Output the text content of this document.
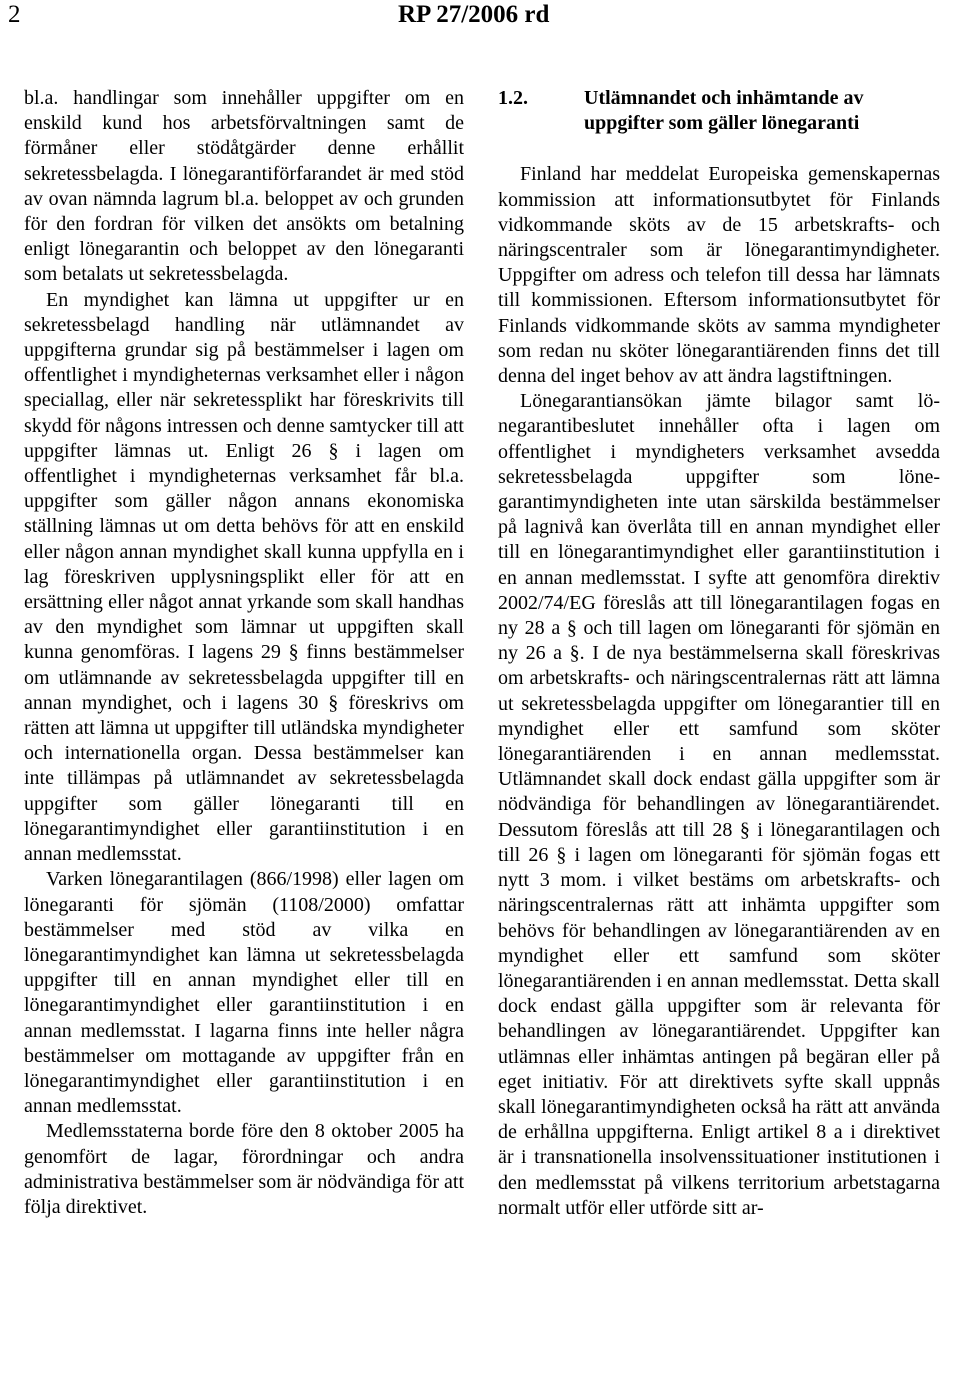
2	RP 27/2006 rd

bl.a. handlingar som innehåller uppgifter om en enskild kund hos arbetsförvaltningen samt de förmåner eller stödåtgärder denne erhållit sekretessbelagda. I lönegarantiförfarandet är med stöd av ovan nämnda lagrum bl.a. beloppet av och grunden för den fordran för vilken det ansökts om betalning enligt lönegarantin och beloppet av den lönegaranti som betalats ut sekretessbelagda.

En myndighet kan lämna ut uppgifter ur en sekretessbelagd handling när utlämnandet av uppgifterna grundar sig på bestämmelser i lagen om offentlighet i myndigheternas verksamhet eller i någon speciallag, eller när sekretessplikt har föreskrivits till skydd för någons intressen och denne samtycker till att uppgifter lämnas ut. Enligt 26 § i lagen om offentlighet i myndigheternas verksamhet får bl.a. uppgifter som gäller någon annans ekonomiska ställning lämnas ut om detta behövs för att en enskild eller någon annan myndighet skall kunna uppfylla en i lag föreskriven upplysningsplikt eller för att en ersättning eller något annat yrkande som skall handhas av den myndighet som lämnar ut uppgiften skall kunna genomföras. I lagens 29 § finns bestämmelser om utlämnande av sekretessbelagda uppgifter till en annan myndighet, och i lagens 30 § föreskrivs om rätten att lämna ut uppgifter till utländska myndigheter och internationella organ. Dessa bestämmelser kan inte tillämpas på utlämnandet av sekretessbelagda uppgifter som gäller lönegaranti till en lönegarantimyndighet eller garantiinstitution i en annan medlemsstat.

Varken lönegarantilagen (866/1998) eller lagen om lönegaranti för sjömän (1108/2000) omfattar bestämmelser med stöd av vilka en lönegarantimyndighet kan lämna ut sekretessbelagda uppgifter till en annan myndighet eller till en lönegarantimyndighet eller garantiinstitution i en annan medlemsstat. I lagarna finns inte heller några bestämmelser om mottagande av uppgifter från en lönegarantimyndighet eller garantiinstitution i en annan medlemsstat.

Medlemsstaterna borde före den 8 oktober 2005 ha genomfört de lagar, förordningar och andra administrativa bestämmelser som är nödvändiga för att följa direktivet.

1.2.	Utlämnandet och inhämtande av uppgifter som gäller lönegaranti

Finland har meddelat Europeiska gemenskapernas kommission att informationsutbytet för Finlands vidkommande sköts av de 15 arbetskrafts- och näringscentraler som är lönegarantimyndigheter. Uppgifter om adress och telefon till dessa har lämnats till kommissionen. Eftersom informationsutbytet för Finlands vidkommande sköts av samma myndigheter som redan nu sköter lönegarantiärenden finns det till denna del inget behov av att ändra lagstiftningen.

Lönegarantiansökan jämte bilagor samt lönegarantibeslutet innehåller ofta i lagen om offentlighet i myndigheters verksamhet avsedda sekretessbelagda uppgifter som lönegarantimyndigheten inte utan särskilda bestämmelser på lagnivå kan överlåta till en annan myndighet eller till en lönegarantimyndighet eller garantiinstitution i en annan medlemsstat. I syfte att genomföra direktiv 2002/74/EG föreslås att till lönegarantilagen fogas en ny 28 a § och till lagen om lönegaranti för sjömän en ny 26 a §. I de nya bestämmelserna skall föreskrivas om arbetskrafts- och näringscentralernas rätt att lämna ut sekretessbelagda uppgifter om lönegarantier till en myndighet eller ett samfund som sköter lönegarantiärenden i en annan medlemsstat. Utlämnandet skall dock endast gälla uppgifter som är nödvändiga för behandlingen av lönegarantiärendet. Dessutom föreslås att till 28 § i lönegarantilagen och till 26 § i lagen om lönegaranti för sjömän fogas ett nytt 3 mom. i vilket bestäms om arbetskrafts- och näringscentralernas rätt att inhämta uppgifter som behövs för behandlingen av lönegarantiärenden av en myndighet eller ett samfund som sköter lönegarantiärenden i en annan medlemsstat. Detta skall dock endast gälla uppgifter som är relevanta för behandlingen av lönegarantiärendet. Uppgifter kan utlämnas eller inhämtas antingen på begäran eller på eget initiativ. För att direktivets syfte skall uppnås skall lönegarantimyndigheten också ha rätt att använda de erhållna uppgifterna. Enligt artikel 8 a i direktivet är i transnationella insolvenssituationer institutionen i den medlemsstat på vilkens territorium arbetstagarna normalt utför eller utförde sitt ar-
